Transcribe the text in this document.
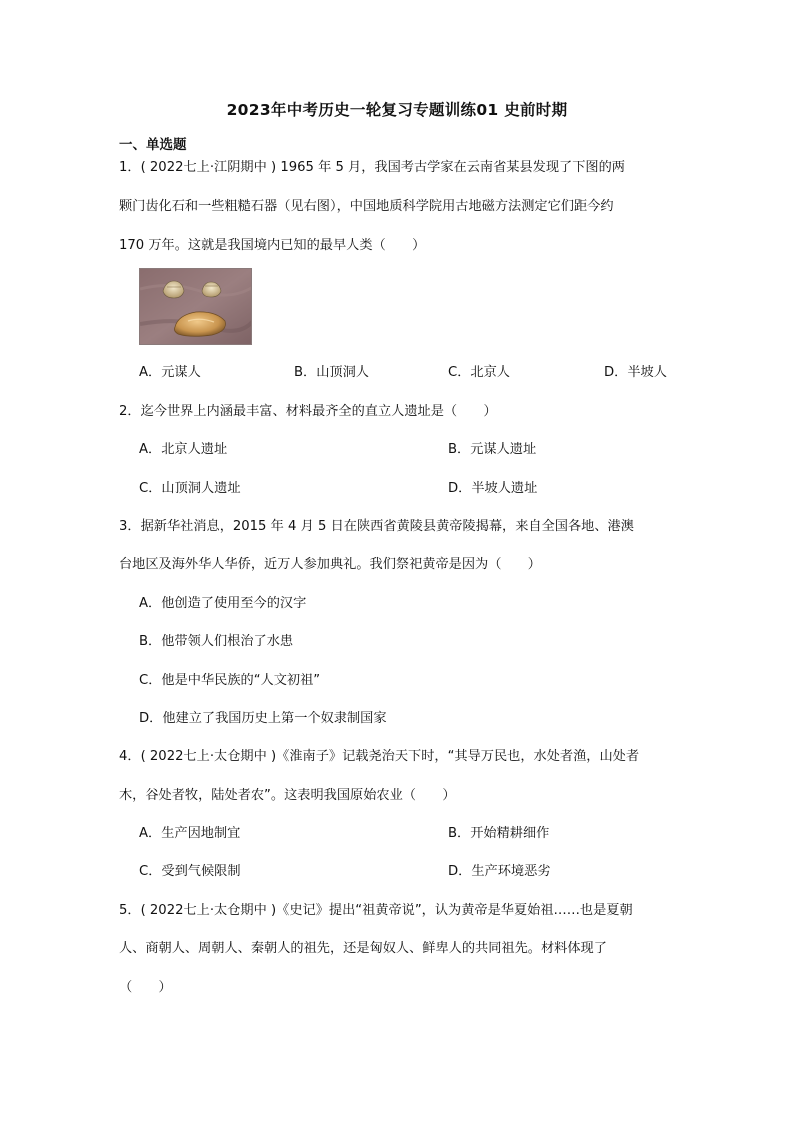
2023年中考历史一轮复习专题训练01 史前时期
一、单选题
1．( 2022七上·江阴期中 ) 1965 年 5 月，我国考古学家在云南省某县发现了下图的两
颗门齿化石和一些粗糙石器（见右图），中国地质科学院用古地磁方法测定它们距今约
170 万年。这就是我国境内已知的最早人类（　　）
A．元谋人	B．山顶洞人	C．北京人	D．半坡人
2．迄今世界上内涵最丰富、材料最齐全的直立人遗址是（　　）
A．北京人遗址	B．元谋人遗址
C．山顶洞人遗址	D．半坡人遗址
3．据新华社消息，2015 年 4 月 5 日在陕西省黄陵县黄帝陵揭幕，来自全国各地、港澳
台地区及海外华人华侨，近万人参加典礼。我们祭祀黄帝是因为（　　）
A．他创造了使用至今的汉字
B．他带领人们根治了水患
C．他是中华民族的“人文初祖”
D．他建立了我国历史上第一个奴隶制国家
4．( 2022七上·太仓期中 )《淮南子》记载尧治天下时，“其导万民也，水处者渔，山处者
木，谷处者牧，陆处者农”。这表明我国原始农业（　　）
A．生产因地制宜	B．开始精耕细作
C．受到气候限制	D．生产环境恶劣
5．( 2022七上·太仓期中 )《史记》提出“祖黄帝说”，认为黄帝是华夏始祖……也是夏朝
人、商朝人、周朝人、秦朝人的祖先，还是匈奴人、鲜卑人的共同祖先。材料体现了
（　　）
